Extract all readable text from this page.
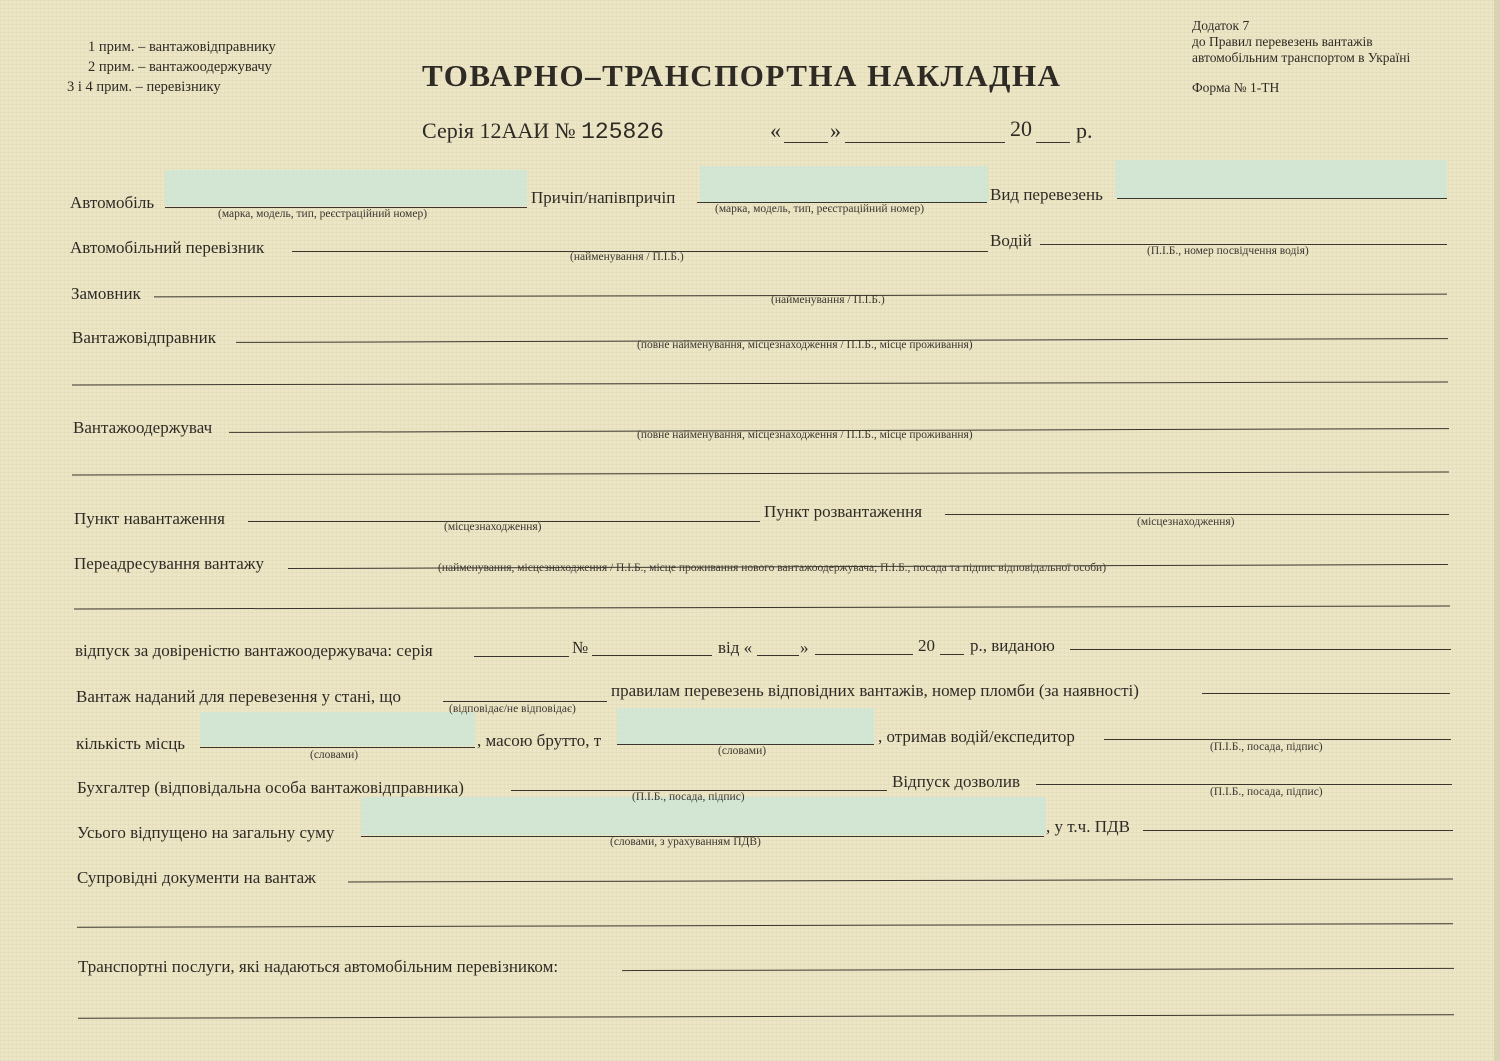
1 прим. – вантажовідправнику
2 прим. – вантажоодержувачу
3 і 4 прим. – перевізнику
Додаток 7
до Правил перевезень вантажів
автомобільним транспортом в Україні
Форма № 1-ТН
ТОВАРНО–ТРАНСПОРТНА НАКЛАДНА
Серія 12ААИ № 125826	« »	20 р.
Автомобіль
(марка, модель, тип, реєстраційний номер)
Причіп/напівпричіп
(марка, модель, тип, реєстраційний номер)
Вид перевезень
Автомобільний перевізник	(найменування / П.І.Б.)
Водій
(П.І.Б., номер посвідчення водія)
Замовник	(найменування / П.І.Б.)
Вантажовідправник	(повне найменування, місцезнаходження / П.І.Б., місце проживання)
Вантажоодержувач	(повне найменування, місцезнаходження / П.І.Б., місце проживання)
Пункт навантаження	(місцезнаходження)
Пункт розвантаження
(місцезнаходження)
Переадресування вантажу	(найменування, місцезнаходження / П.І.Б., місце проживання нового вантажоодержувача; П.І.Б., посада та підпис відповідальної особи)
відпуск за довіреністю вантажоодержувача: серія	№	від «	»	20 р., виданою
Вантаж наданий для перевезення у стані, що
(відповідає/не відповідає)
правилам перевезень відповідних вантажів, номер пломби (за наявності)
кількість місць
(словами)
, масою брутто, т
(словами)
, отримав водій/експедитор
(П.І.Б., посада, підпис)
Бухгалтер (відповідальна особа вантажовідправника)	(П.І.Б., посада, підпис)
Відпуск дозволив
(П.І.Б., посада, підпис)
Усього відпущено на загальну суму	(словами, з урахуванням ПДВ)
, у т.ч. ПДВ
Супровідні документи на вантаж
Транспортні послуги, які надаються автомобільним перевізником:
